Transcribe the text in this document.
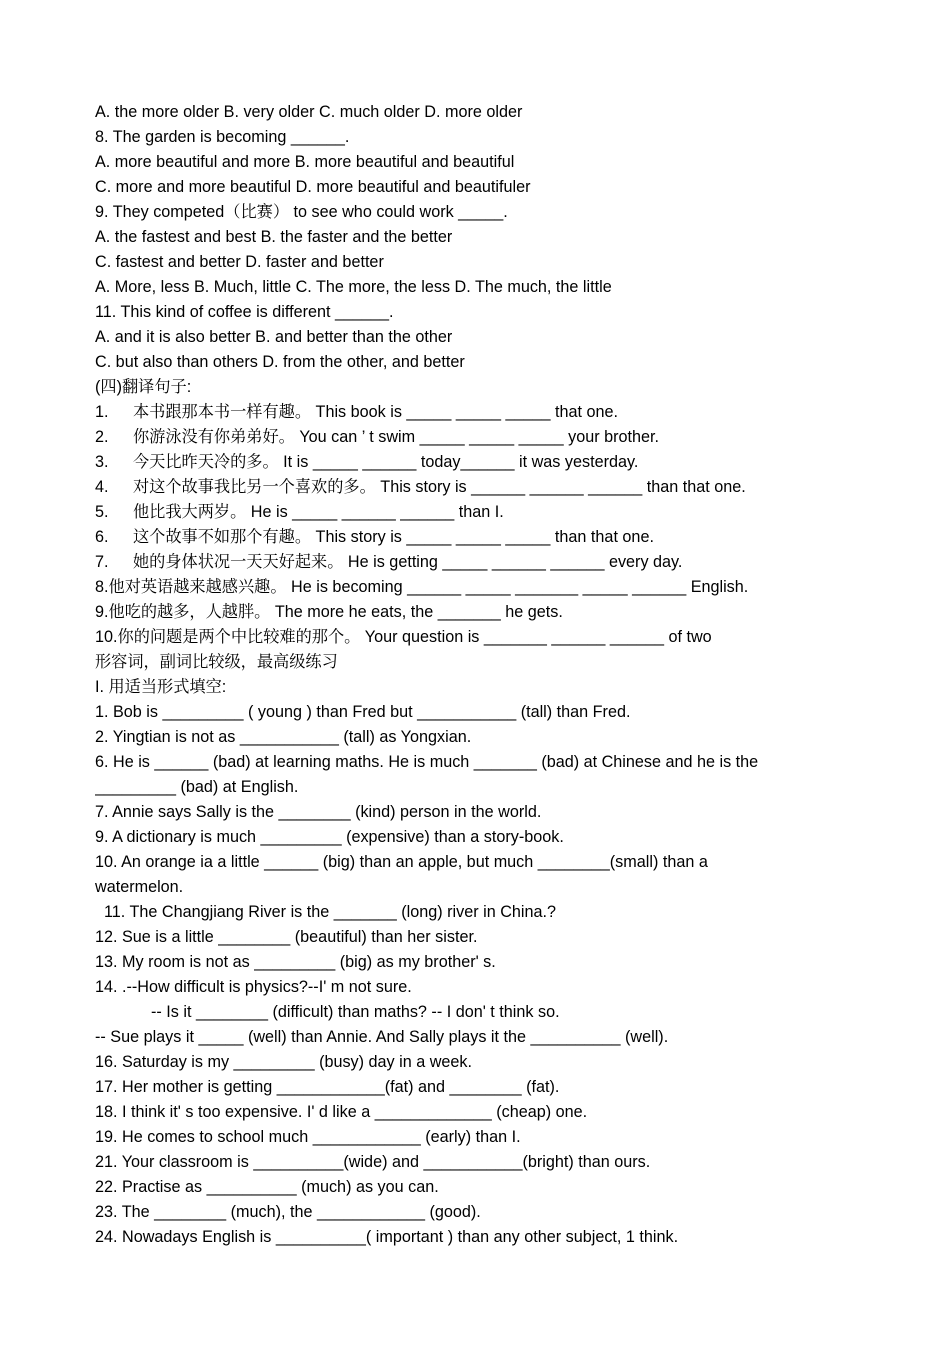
A. the more older B. very older C. much older D. more older
8. The garden is becoming ______.
A. more beautiful and more B. more beautiful and beautiful
C. more and more beautiful D. more beautiful and beautifuler
9. They competed（比赛） to see who could work _____.
A. the fastest and best B. the faster and the better
C. fastest and better D. faster and better
A. More, less B. Much, little C. The more, the less D. The much, the little
11. This kind of coffee is different ______.
A. and it is also better B. and better than the other
C. but also than others D. from the other, and better
(四)翻译句子:
1. 本书跟那本书一样有趣。 This book is _____ _____ _____ that one.
2. 你游泳没有你弟弟好。 You can ’ t swim _____ _____ _____ your brother.
3. 今天比昨天冷的多。 It is _____ ______ today______ it was yesterday.
4. 对这个故事我比另一个喜欢的多。 This story is ______ ______ ______ than that one.
5. 他比我大两岁。 He is _____ ______ ______ than I.
6. 这个故事不如那个有趣。 This story is _____ _____ _____ than that one.
7. 她的身体状况一天天好起来。 He is getting _____ ______ ______ every day.
8.他对英语越来越感兴趣。 He is becoming ______ _____ _______ _____ ______ English.
9.他吃的越多，人越胖。 The more he eats, the _______ he gets.
10.你的问题是两个中比较难的那个。 Your question is _______ ______ ______ of two
形容词，副词比较级，最高级练习
I. 用适当形式填空:
1. Bob is _________ ( young ) than Fred but ___________ (tall) than Fred.
2. Yingtian is not as ___________ (tall) as Yongxian.
6. He is ______ (bad) at learning maths. He is much _______ (bad) at Chinese and he is the
_________ (bad) at English.
7. Annie says Sally is the ________ (kind) person in the world.
9. A dictionary is much _________ (expensive) than a story-book.
10. An orange ia a little ______ (big) than an apple, but much ________(small) than a
watermelon.
11. The Changjiang River is the _______ (long) river in China.?
12. Sue is a little ________ (beautiful) than her sister.
13. My room is not as _________ (big) as my brother' s.
14. .--How difficult is physics?--I' m not sure.
-- Is it ________ (difficult) than maths? -- I don' t think so.
-- Sue plays it _____ (well) than Annie. And Sally plays it the __________ (well).
16. Saturday is my _________ (busy) day in a week.
17. Her mother is getting ____________(fat) and ________ (fat).
18. I think it' s too expensive. I' d like a _____________ (cheap) one.
19. He comes to school much ____________ (early) than I.
21. Your classroom is __________(wide) and ___________(bright) than ours.
22. Practise as __________ (much) as you can.
23. The ________ (much), the ____________ (good).
24. Nowadays English is __________( important ) than any other subject, 1 think.
